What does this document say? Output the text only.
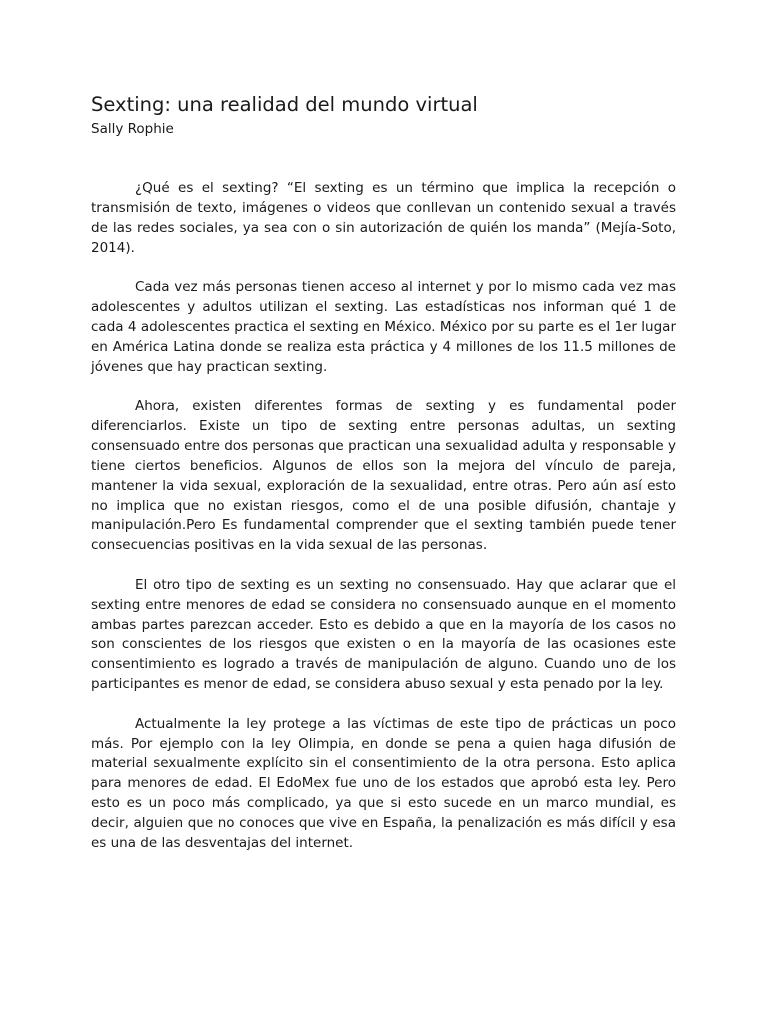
Sexting: una realidad del mundo virtual
Sally Rophie

¿Qué es el sexting? “El sexting es un término que implica la recepción o transmisión de texto, imágenes o videos que conllevan un contenido sexual a través de las redes sociales, ya sea con o sin autorización de quién los manda” (Mejía-Soto, 2014).

Cada vez más personas tienen acceso al internet y por lo mismo cada vez mas adolescentes y adultos utilizan el sexting. Las estadísticas nos informan qué 1 de cada 4 adolescentes practica el sexting en México. México por su parte es el 1er lugar en América Latina donde se realiza esta práctica y 4 millones de los 11.5 millones de jóvenes que hay practican sexting.

Ahora, existen diferentes formas de sexting y es fundamental poder diferenciarlos. Existe un tipo de sexting entre personas adultas, un sexting consensuado entre dos personas que practican una sexualidad adulta y responsable y tiene ciertos beneficios. Algunos de ellos son la mejora del vínculo de pareja, mantener la vida sexual, exploración de la sexualidad, entre otras. Pero aún así esto no implica que no existan riesgos, como el de una posible difusión, chantaje y manipulación.Pero Es fundamental comprender que el sexting también puede tener consecuencias positivas en la vida sexual de las personas.

El otro tipo de sexting es un sexting no consensuado. Hay que aclarar que el sexting entre menores de edad se considera no consensuado aunque en el momento ambas partes parezcan acceder. Esto es debido a que en la mayoría de los casos no son conscientes de los riesgos que existen o en la mayoría de las ocasiones este consentimiento es logrado a través de manipulación de alguno. Cuando uno de los participantes es menor de edad, se considera abuso sexual y esta penado por la ley.

Actualmente la ley protege a las víctimas de este tipo de prácticas un poco más. Por ejemplo con la ley Olimpia, en donde se pena a quien haga difusión de material sexualmente explícito sin el consentimiento de la otra persona. Esto aplica para menores de edad. El EdoMex fue uno de los estados que aprobó esta ley. Pero esto es un poco más complicado, ya que si esto sucede en un marco mundial, es decir, alguien que no conoces que vive en España, la penalización es más difícil y esa es una de las desventajas del internet.
